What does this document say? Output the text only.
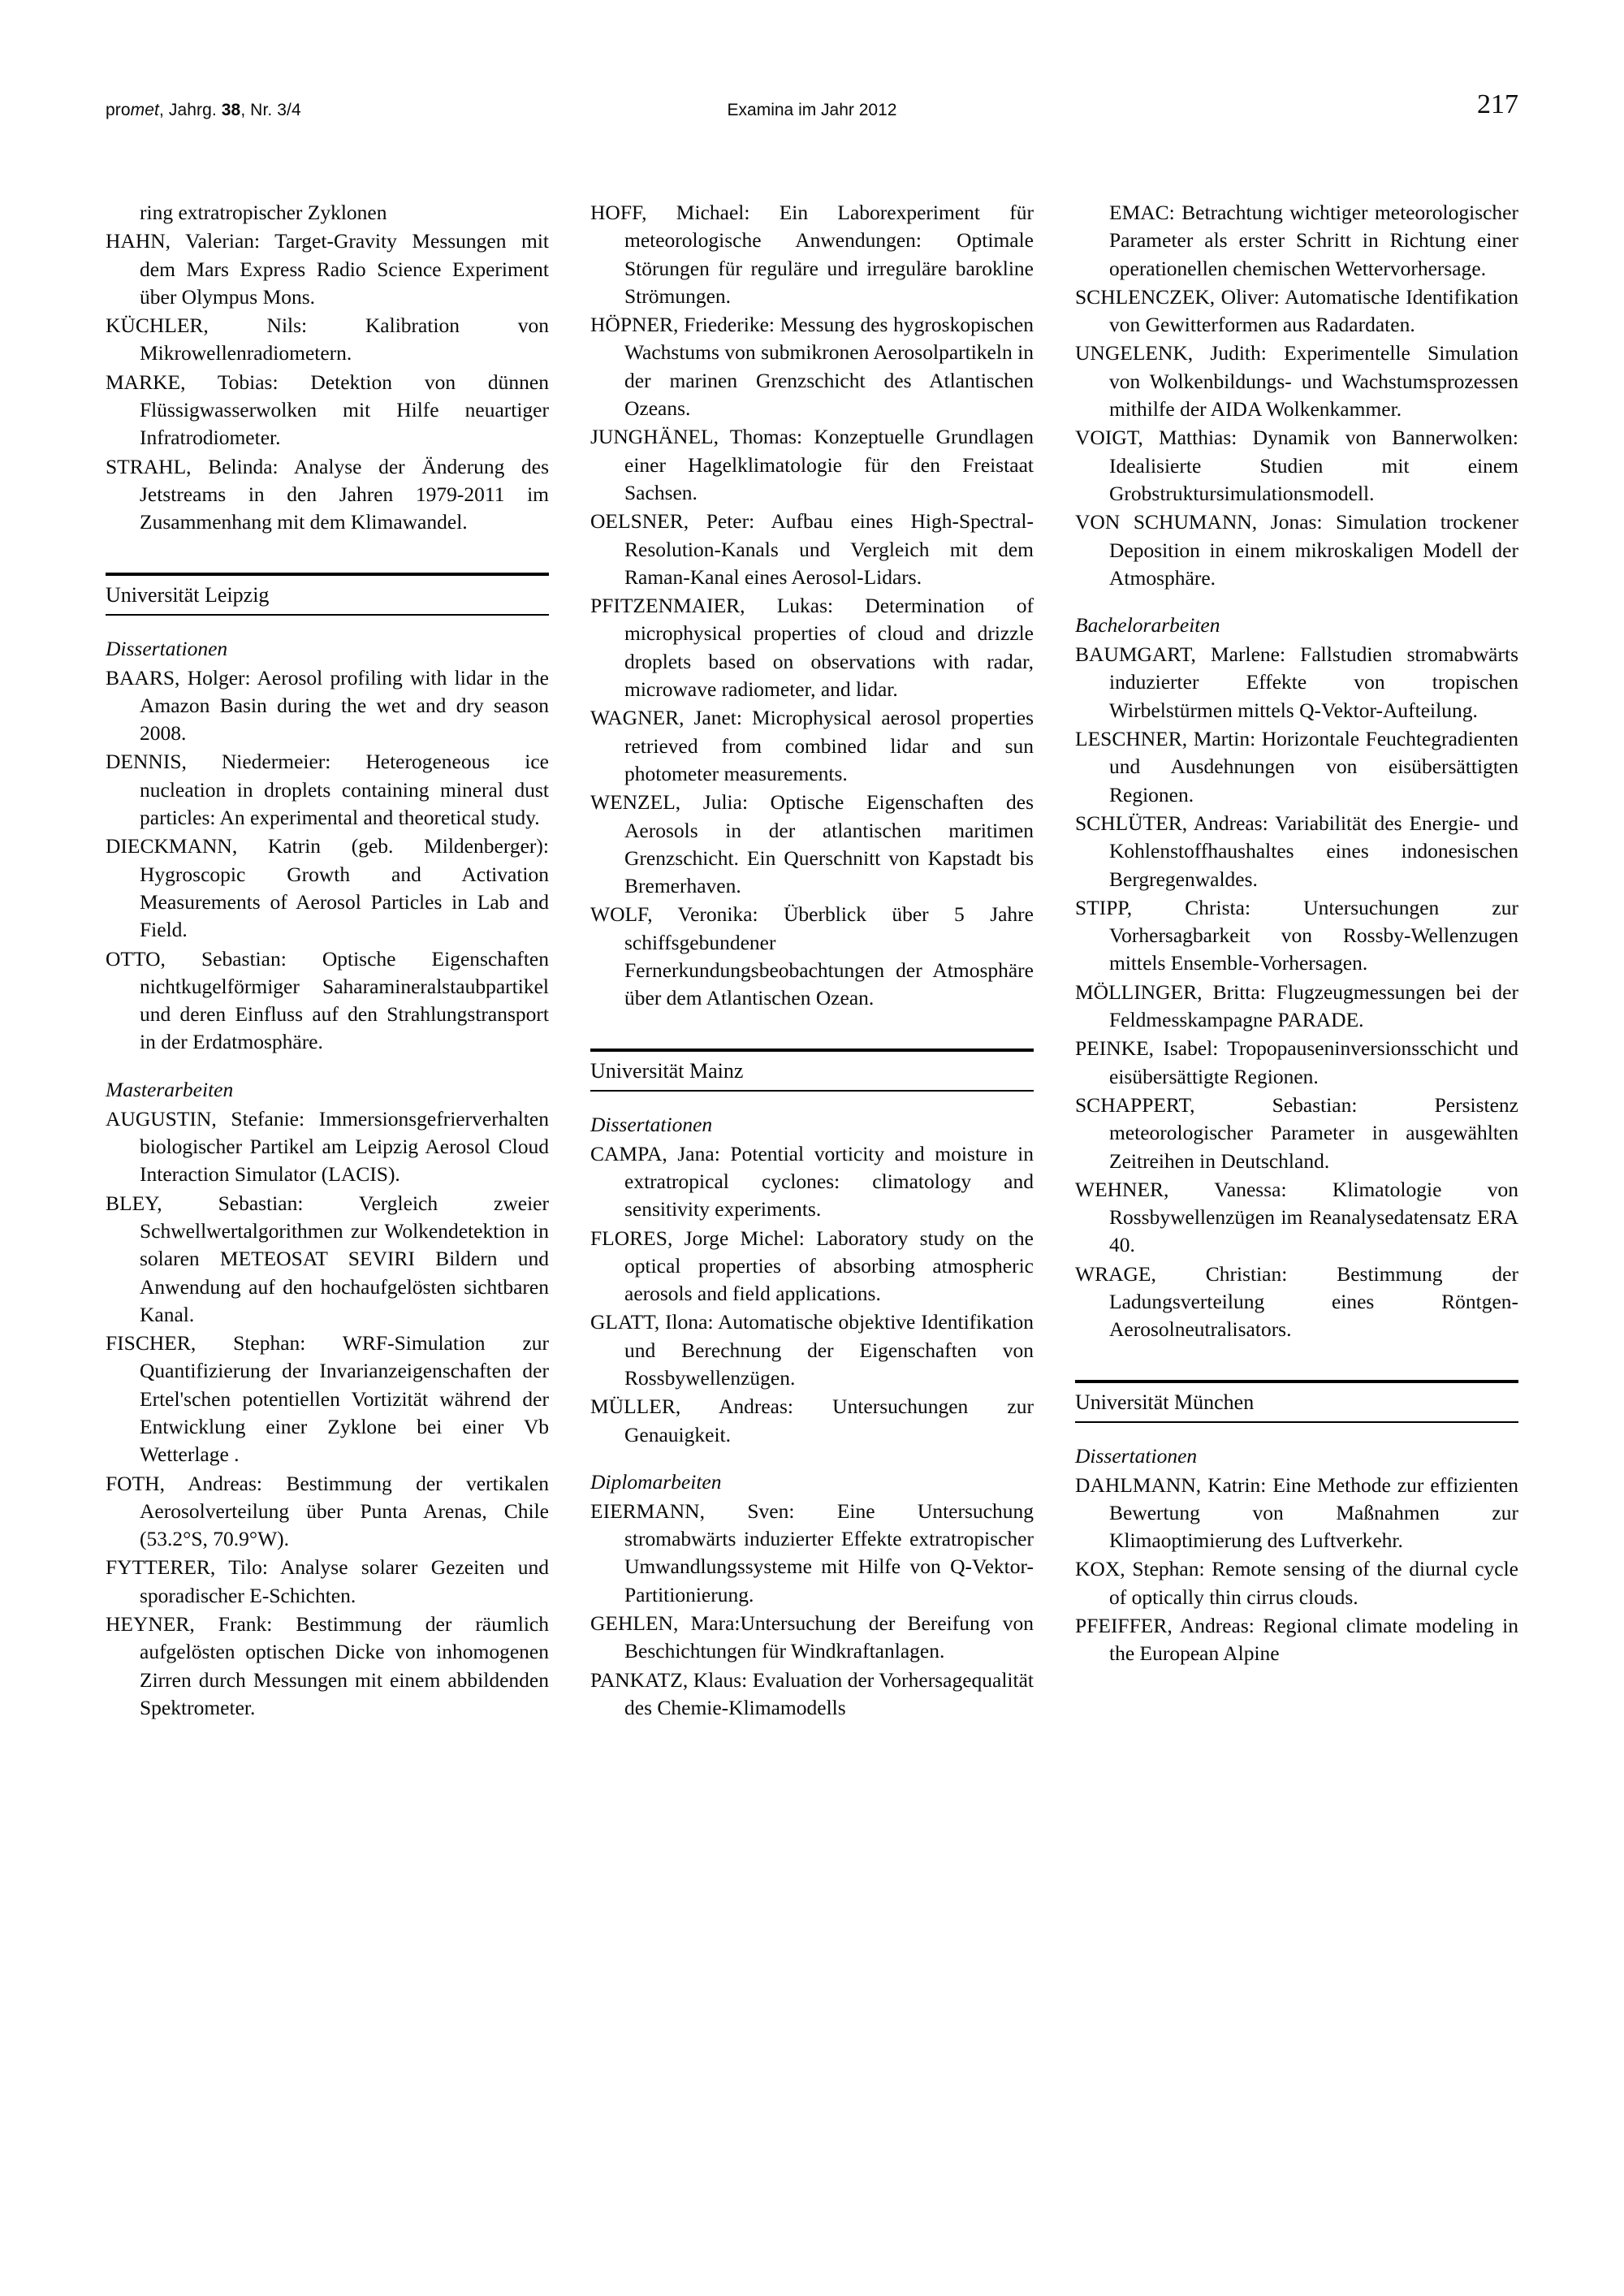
promet, Jahrg. 38, Nr. 3/4	Examina im Jahr 2012	217
ring extratropischer Zyklonen
HAHN, Valerian: Target-Gravity Messungen mit dem Mars Express Radio Science Experiment über Olympus Mons.
KÜCHLER, Nils: Kalibration von Mikrowellenradiometern.
MARKE, Tobias: Detektion von dünnen Flüssigwasserwolken mit Hilfe neuartiger Infratrodiometer.
STRAHL, Belinda: Analyse der Änderung des Jetstreams in den Jahren 1979-2011 im Zusammenhang mit dem Klimawandel.
Universität Leipzig
Dissertationen
BAARS, Holger: Aerosol profiling with lidar in the Amazon Basin during the wet and dry season 2008.
DENNIS, Niedermeier: Heterogeneous ice nucleation in droplets containing mineral dust particles: An experimental and theoretical study.
DIECKMANN, Katrin (geb. Mildenberger): Hygroscopic Growth and Activation Measurements of Aerosol Particles in Lab and Field.
OTTO, Sebastian: Optische Eigenschaften nichtkugelförmiger Saharamineralstaubpartikel und deren Einfluss auf den Strahlungstransport in der Erdatmosphäre.
Masterarbeiten
AUGUSTIN, Stefanie: Immersionsgefrierverhalten biologischer Partikel am Leipzig Aerosol Cloud Interaction Simulator (LACIS).
BLEY, Sebastian: Vergleich zweier Schwellwertalgorithmen zur Wolkendetektion in solaren METEOSAT SEVIRI Bildern und Anwendung auf den hochaufgelösten sichtbaren Kanal.
FISCHER, Stephan: WRF-Simulation zur Quantifizierung der Invarianzeigenschaften der Ertel'schen potentiellen Vortizität während der Entwicklung einer Zyklone bei einer Vb Wetterlage .
FOTH, Andreas: Bestimmung der vertikalen Aerosolverteilung über Punta Arenas, Chile (53.2°S, 70.9°W).
FYTTERER, Tilo: Analyse solarer Gezeiten und sporadischer E-Schichten.
HEYNER, Frank: Bestimmung der räumlich aufgelösten optischen Dicke von inhomogenen Zirren durch Messungen mit einem abbildenden Spektrometer.
HOFF, Michael: Ein Laborexperiment für meteorologische Anwendungen: Optimale Störungen für reguläre und irreguläre barokline Strömungen.
HÖPNER, Friederike: Messung des hygroskopischen Wachstums von submikronen Aerosolpartikeln in der marinen Grenzschicht des Atlantischen Ozeans.
JUNGHÄNEL, Thomas: Konzeptuelle Grundlagen einer Hagelklimatologie für den Freistaat Sachsen.
OELSNER, Peter: Aufbau eines High-Spectral-Resolution-Kanals und Vergleich mit dem Raman-Kanal eines Aerosol-Lidars.
PFITZENMAIER, Lukas: Determination of microphysical properties of cloud and drizzle droplets based on observations with radar, microwave radiometer, and lidar.
WAGNER, Janet: Microphysical aerosol properties retrieved from combined lidar and sun photometer measurements.
WENZEL, Julia: Optische Eigenschaften des Aerosols in der atlantischen maritimen Grenzschicht. Ein Querschnitt von Kapstadt bis Bremerhaven.
WOLF, Veronika: Überblick über 5 Jahre schiffsgebundener Fernerkundungsbeobachtungen der Atmosphäre über dem Atlantischen Ozean.
Universität Mainz
Dissertationen
CAMPA, Jana: Potential vorticity and moisture in extratropical cyclones: climatology and sensitivity experiments.
FLORES, Jorge Michel: Laboratory study on the optical properties of absorbing atmospheric aerosols and field applications.
GLATT, Ilona: Automatische objektive Identifikation und Berechnung der Eigenschaften von Rossbywellenzügen.
MÜLLER, Andreas: Untersuchungen zur Genauigkeit.
Diplomarbeiten
EIERMANN, Sven: Eine Untersuchung stromabwärts induzierter Effekte extratropischer Umwandlungssysteme mit Hilfe von Q-Vektor-Partitionierung.
GEHLEN, Mara:Untersuchung der Bereifung von Beschichtungen für Windkraftanlagen.
PANKATZ, Klaus: Evaluation der Vorhersagequalität des Chemie-Klimamodells
EMAC: Betrachtung wichtiger meteorologischer Parameter als erster Schritt in Richtung einer operationellen chemischen Wettervorhersage.
SCHLENCZEK, Oliver: Automatische Identifikation von Gewitterformen aus Radardaten.
UNGELENK, Judith: Experimentelle Simulation von Wolkenbildungs- und Wachstumsprozessen mithilfe der AIDA Wolkenkammer.
VOIGT, Matthias: Dynamik von Bannerwolken: Idealisierte Studien mit einem Grobstruktursimulationsmodell.
VON SCHUMANN, Jonas: Simulation trockener Deposition in einem mikroskaligen Modell der Atmosphäre.
Bachelorarbeiten
BAUMGART, Marlene: Fallstudien stromabwärts induzierter Effekte von tropischen Wirbelstürmen mittels Q-Vektor-Aufteilung.
LESCHNER, Martin: Horizontale Feuchtegradienten und Ausdehnungen von eisübersättigten Regionen.
SCHLÜTER, Andreas: Variabilität des Energie- und Kohlenstoffhaushaltes eines indonesischen Bergregenwaldes.
STIPP, Christa: Untersuchungen zur Vorhersagbarkeit von Rossby-Wellenzugen mittels Ensemble-Vorhersagen.
MÖLLINGER, Britta: Flugzeugmessungen bei der Feldmesskampagne PARADE.
PEINKE, Isabel: Tropopauseninversionsschicht und eisübersättigte Regionen.
SCHAPPERT, Sebastian: Persistenz meteorologischer Parameter in ausgewählten Zeitreihen in Deutschland.
WEHNER, Vanessa: Klimatologie von Rossbywellenzügen im Reanalysedatensatz ERA 40.
WRAGE, Christian: Bestimmung der Ladungsverteilung eines Röntgen-Aerosolneutralisators.
Universität München
Dissertationen
DAHLMANN, Katrin: Eine Methode zur effizienten Bewertung von Maßnahmen zur Klimaoptimierung des Luftverkehr.
KOX, Stephan: Remote sensing of the diurnal cycle of optically thin cirrus clouds.
PFEIFFER, Andreas: Regional climate modeling in the European Alpine
